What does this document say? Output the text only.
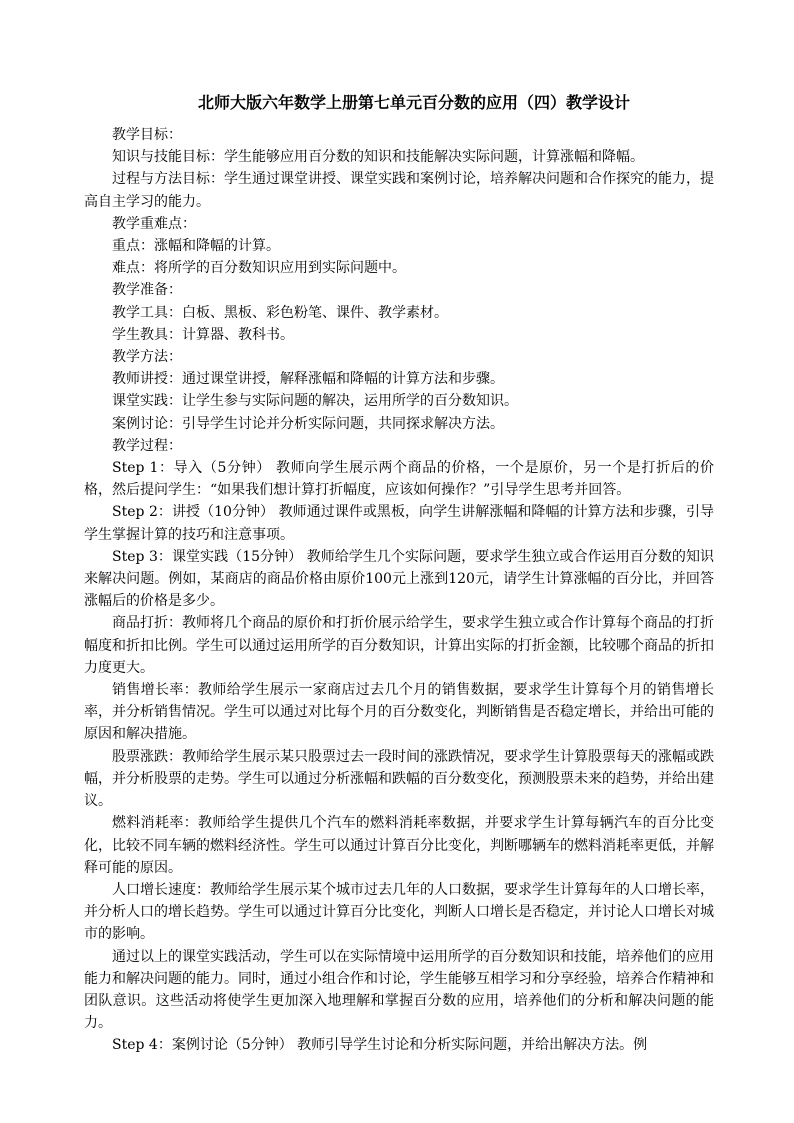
北师大版六年数学上册第七单元百分数的应用（四）教学设计

教学目标：

知识与技能目标：学生能够应用百分数的知识和技能解决实际问题，计算涨幅和降幅。

过程与方法目标：学生通过课堂讲授、课堂实践和案例讨论，培养解决问题和合作探究的能力，提高自主学习的能力。

教学重难点：

重点：涨幅和降幅的计算。

难点：将所学的百分数知识应用到实际问题中。

教学准备：

教学工具：白板、黑板、彩色粉笔、课件、教学素材。

学生教具：计算器、教科书。

教学方法：

教师讲授：通过课堂讲授，解释涨幅和降幅的计算方法和步骤。

课堂实践：让学生参与实际问题的解决，运用所学的百分数知识。

案例讨论：引导学生讨论并分析实际问题，共同探求解决方法。

教学过程：

Step 1：导入（5分钟） 教师向学生展示两个商品的价格，一个是原价，另一个是打折后的价格，然后提问学生：“如果我们想计算打折幅度，应该如何操作？”引导学生思考并回答。

Step 2：讲授（10分钟） 教师通过课件或黑板，向学生讲解涨幅和降幅的计算方法和步骤，引导学生掌握计算的技巧和注意事项。

Step 3：课堂实践（15分钟） 教师给学生几个实际问题，要求学生独立或合作运用百分数的知识来解决问题。例如，某商店的商品价格由原价100元上涨到120元，请学生计算涨幅的百分比，并回答涨幅后的价格是多少。

商品打折：教师将几个商品的原价和打折价展示给学生，要求学生独立或合作计算每个商品的打折幅度和折扣比例。学生可以通过运用所学的百分数知识，计算出实际的打折金额，比较哪个商品的折扣力度更大。

销售增长率：教师给学生展示一家商店过去几个月的销售数据，要求学生计算每个月的销售增长率，并分析销售情况。学生可以通过对比每个月的百分数变化，判断销售是否稳定增长，并给出可能的原因和解决措施。

股票涨跌：教师给学生展示某只股票过去一段时间的涨跌情况，要求学生计算股票每天的涨幅或跌幅，并分析股票的走势。学生可以通过分析涨幅和跌幅的百分数变化，预测股票未来的趋势，并给出建议。

燃料消耗率：教师给学生提供几个汽车的燃料消耗率数据，并要求学生计算每辆汽车的百分比变化，比较不同车辆的燃料经济性。学生可以通过计算百分比变化，判断哪辆车的燃料消耗率更低，并解释可能的原因。

人口增长速度：教师给学生展示某个城市过去几年的人口数据，要求学生计算每年的人口增长率，并分析人口的增长趋势。学生可以通过计算百分比变化，判断人口增长是否稳定，并讨论人口增长对城市的影响。

通过以上的课堂实践活动，学生可以在实际情境中运用所学的百分数知识和技能，培养他们的应用能力和解决问题的能力。同时，通过小组合作和讨论，学生能够互相学习和分享经验，培养合作精神和团队意识。这些活动将使学生更加深入地理解和掌握百分数的应用，培养他们的分析和解决问题的能力。

Step 4：案例讨论（5分钟） 教师引导学生讨论和分析实际问题，并给出解决方法。例
